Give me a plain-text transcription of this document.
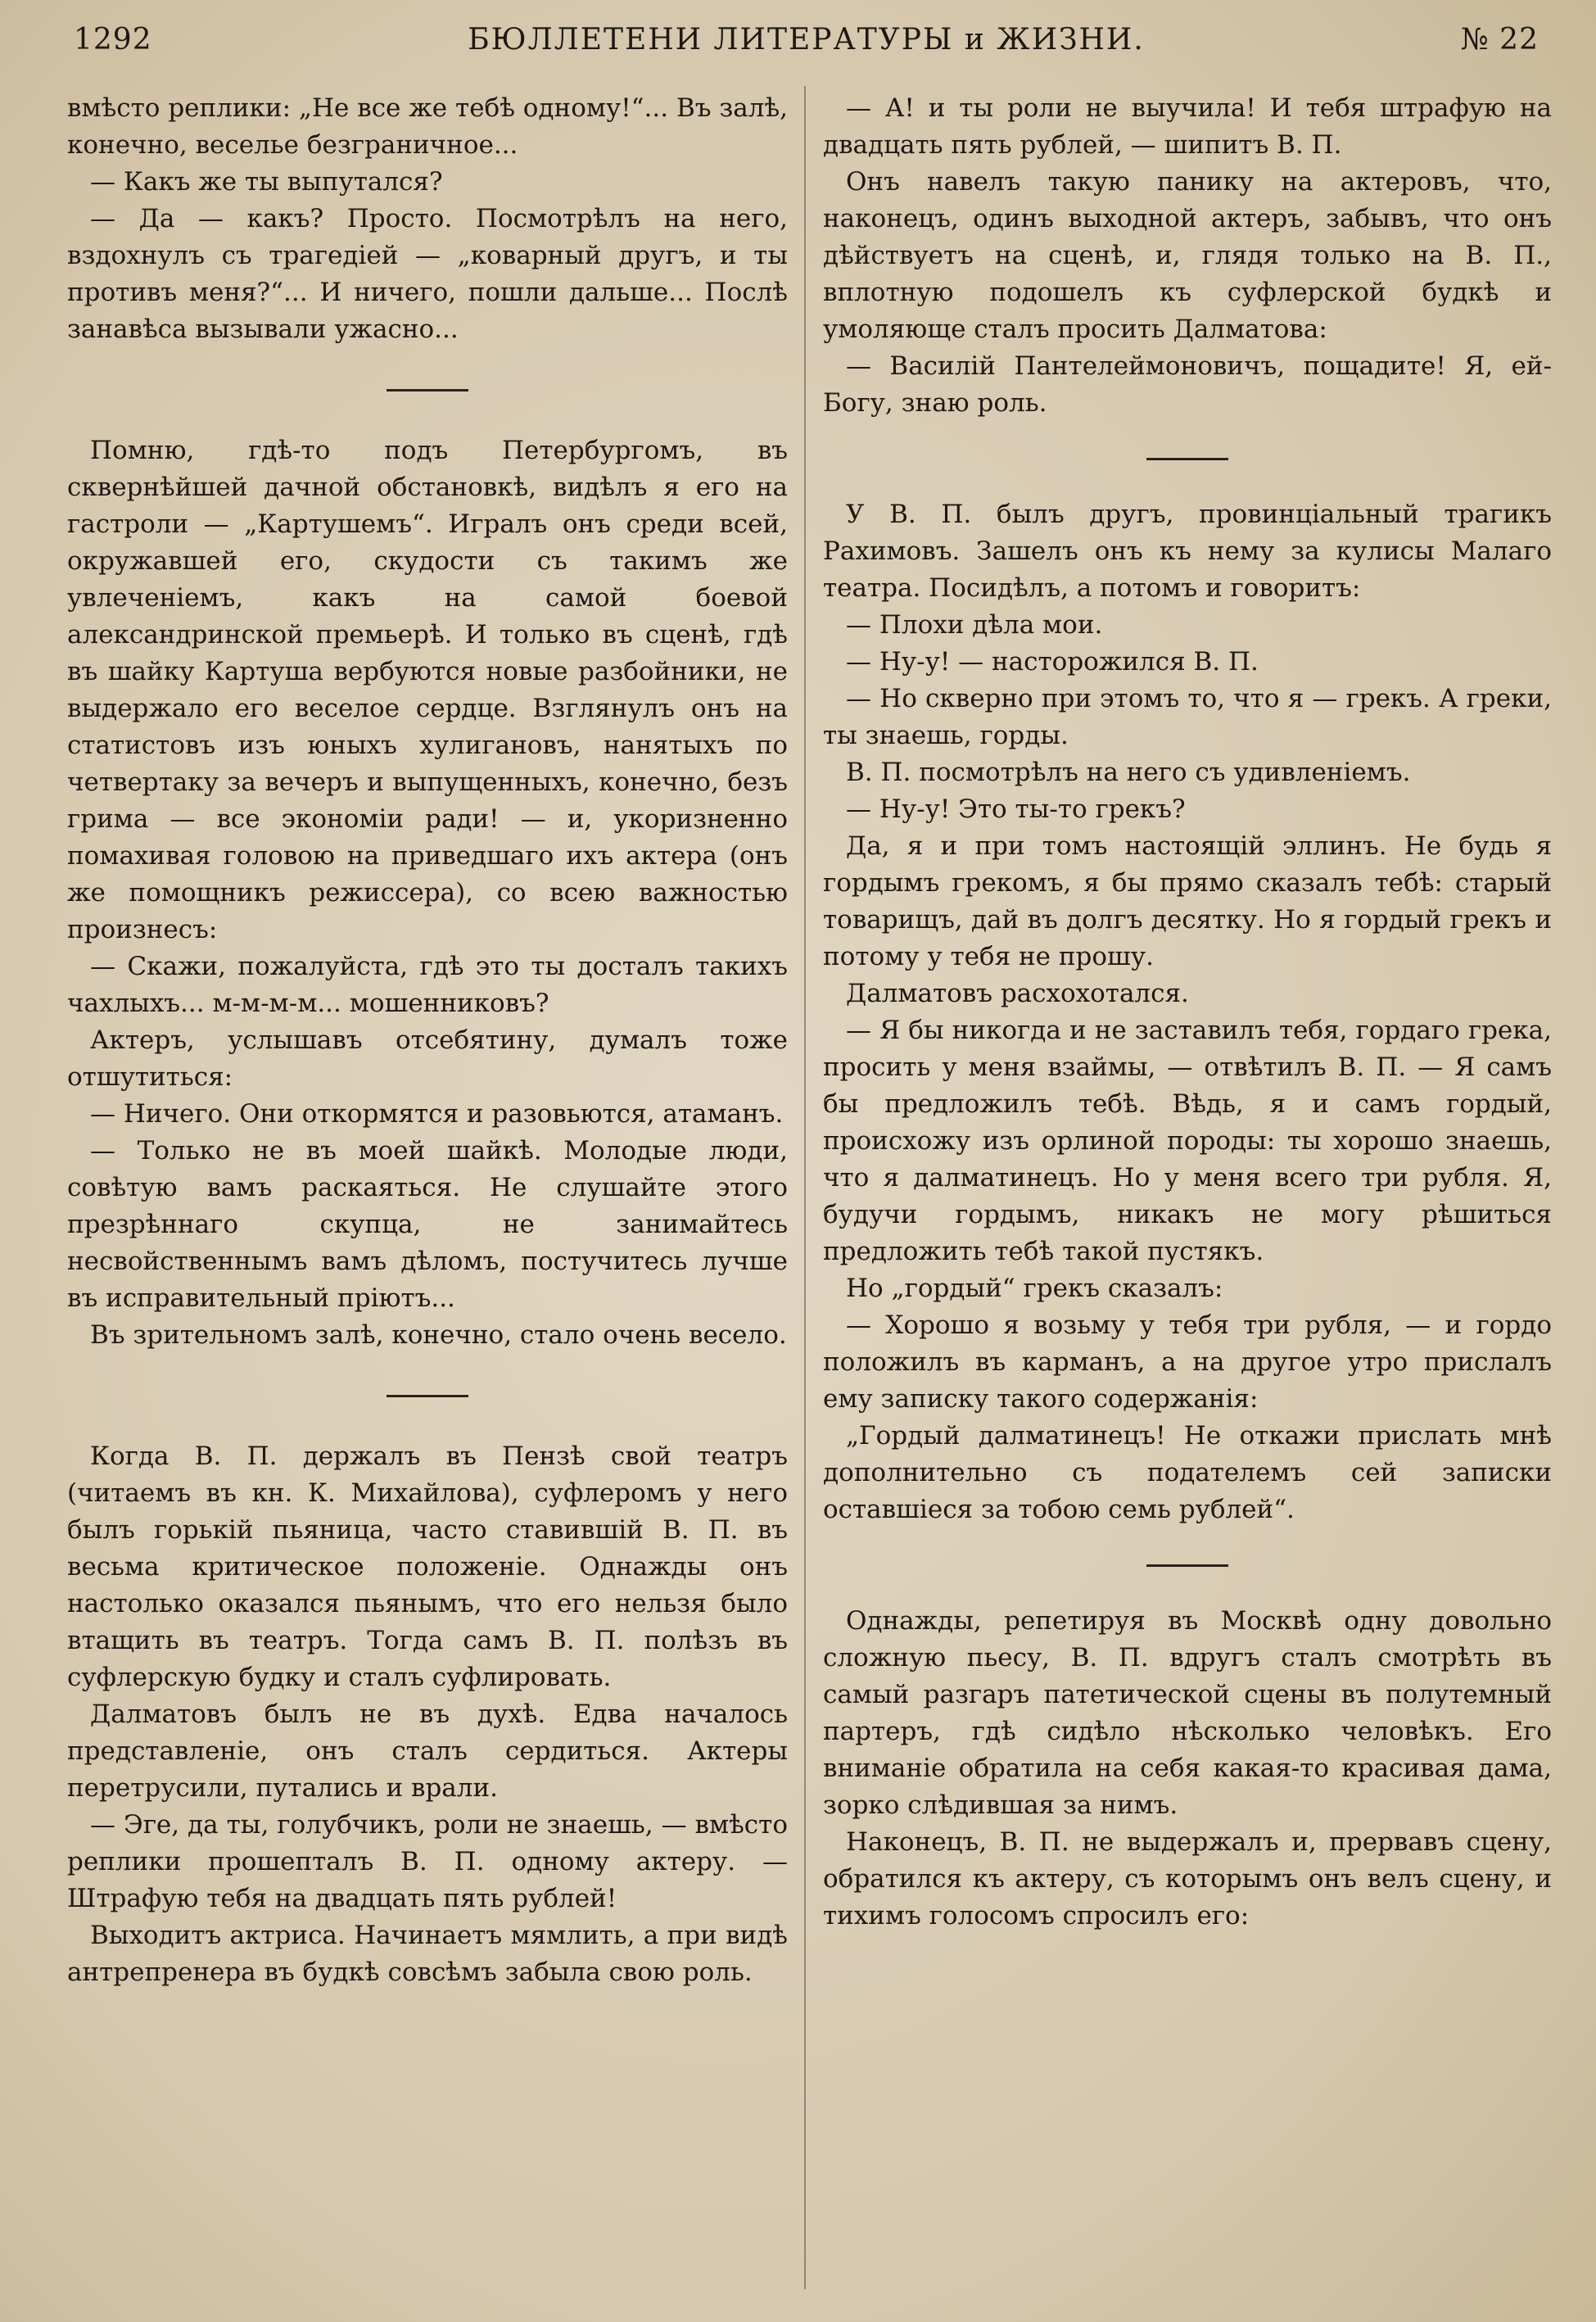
1292	БЮЛЛЕТЕНИ ЛИТЕРАТУРЫ и ЖИЗНИ.	№ 22

вмѣсто реплики: „Не все же тебѣ одному!“... Въ залѣ, конечно, веселье безграничное...

— Какъ же ты выпутался?

— Да — какъ? Просто. Посмотрѣлъ на него, вздохнулъ съ трагедіей — „коварный другъ, и ты противъ меня?“... И ничего, пошли дальше... Послѣ занавѣса вызывали ужасно...

Помню, гдѣ-то подъ Петербургомъ, въ сквернѣйшей дачной обстановкѣ, видѣлъ я его на гастроли — „Картушемъ“. Игралъ онъ среди всей, окружавшей его, скудости съ такимъ же увлеченіемъ, какъ на самой боевой александринской премьерѣ. И только въ сценѣ, гдѣ въ шайку Картуша вербуются новые разбойники, не выдержало его веселое сердце. Взглянулъ онъ на статистовъ изъ юныхъ хулигановъ, нанятыхъ по четвертаку за вечеръ и выпущенныхъ, конечно, безъ грима — все экономіи ради! — и, укоризненно помахивая головою на приведшаго ихъ актера (онъ же помощникъ режиссера), со всею важностью произнесъ:

— Скажи, пожалуйста, гдѣ это ты досталъ такихъ чахлыхъ... м-м-м-м... мошенниковъ?

Актеръ, услышавъ отсебятину, думалъ тоже отшутиться:

— Ничего. Они откормятся и разовьются, атаманъ.

— Только не въ моей шайкѣ. Молодые люди, совѣтую вамъ раскаяться. Не слушайте этого презрѣннаго скупца, не занимайтесь несвойственнымъ вамъ дѣломъ, постучитесь лучше въ исправительный пріютъ...

Въ зрительномъ залѣ, конечно, стало очень весело.

Когда В. П. держалъ въ Пензѣ свой театръ (читаемъ въ кн. К. Михайлова), суфлеромъ у него былъ горькій пьяница, часто ставившій В. П. въ весьма критическое положеніе. Однажды онъ настолько оказался пьянымъ, что его нельзя было втащить въ театръ. Тогда самъ В. П. полѣзъ въ суфлерскую будку и сталъ суфлировать.

Далматовъ былъ не въ духѣ. Едва началось представленіе, онъ сталъ сердиться. Актеры перетрусили, путались и врали.

— Эге, да ты, голубчикъ, роли не знаешь, — вмѣсто реплики прошепталъ В. П. одному актеру. — Штрафую тебя на двадцать пять рублей!

Выходитъ актриса. Начинаетъ мямлить, а при видѣ антрепренера въ будкѣ совсѣмъ забыла свою роль.

— А! и ты роли не выучила! И тебя штрафую на двадцать пять рублей, — шипитъ В. П.

Онъ навелъ такую панику на актеровъ, что, наконецъ, одинъ выходной актеръ, забывъ, что онъ дѣйствуетъ на сценѣ, и, глядя только на В. П., вплотную подошелъ къ суфлерской будкѣ и умоляюще сталъ просить Далматова:

— Василій Пантелеймоновичъ, пощадите! Я, ей-Богу, знаю роль.

У В. П. былъ другъ, провинціальный трагикъ Рахимовъ. Зашелъ онъ къ нему за кулисы Малаго театра. Посидѣлъ, а потомъ и говоритъ:

— Плохи дѣла мои.

— Ну-у! — насторожился В. П.

— Но скверно при этомъ то, что я — грекъ. А греки, ты знаешь, горды.

В. П. посмотрѣлъ на него съ удивленіемъ.

— Ну-у! Это ты-то грекъ?

Да, я и при томъ настоящій эллинъ. Не будь я гордымъ грекомъ, я бы прямо сказалъ тебѣ: старый товарищъ, дай въ долгъ десятку. Но я гордый грекъ и потому у тебя не прошу.

Далматовъ расхохотался.

— Я бы никогда и не заставилъ тебя, гордаго грека, просить у меня взаймы, — отвѣтилъ В. П. — Я самъ бы предложилъ тебѣ. Вѣдь, я и самъ гордый, происхожу изъ орлиной породы: ты хорошо знаешь, что я далматинецъ. Но у меня всего три рубля. Я, будучи гордымъ, никакъ не могу рѣшиться предложить тебѣ такой пустякъ.

Но „гордый“ грекъ сказалъ:

— Хорошо я возьму у тебя три рубля, — и гордо положилъ въ карманъ, а на другое утро прислалъ ему записку такого содержанія:

„Гордый далматинецъ! Не откажи прислать мнѣ дополнительно съ подателемъ сей записки оставшіеся за тобою семь рублей“.

Однажды, репетируя въ Москвѣ одну довольно сложную пьесу, В. П. вдругъ сталъ смотрѣть въ самый разгаръ патетической сцены въ полутемный партеръ, гдѣ сидѣло нѣсколько человѣкъ. Его вниманіе обратила на себя какая-то красивая дама, зорко слѣдившая за нимъ.

Наконецъ, В. П. не выдержалъ и, прервавъ сцену, обратился къ актеру, съ которымъ онъ велъ сцену, и тихимъ голосомъ спросилъ его:
